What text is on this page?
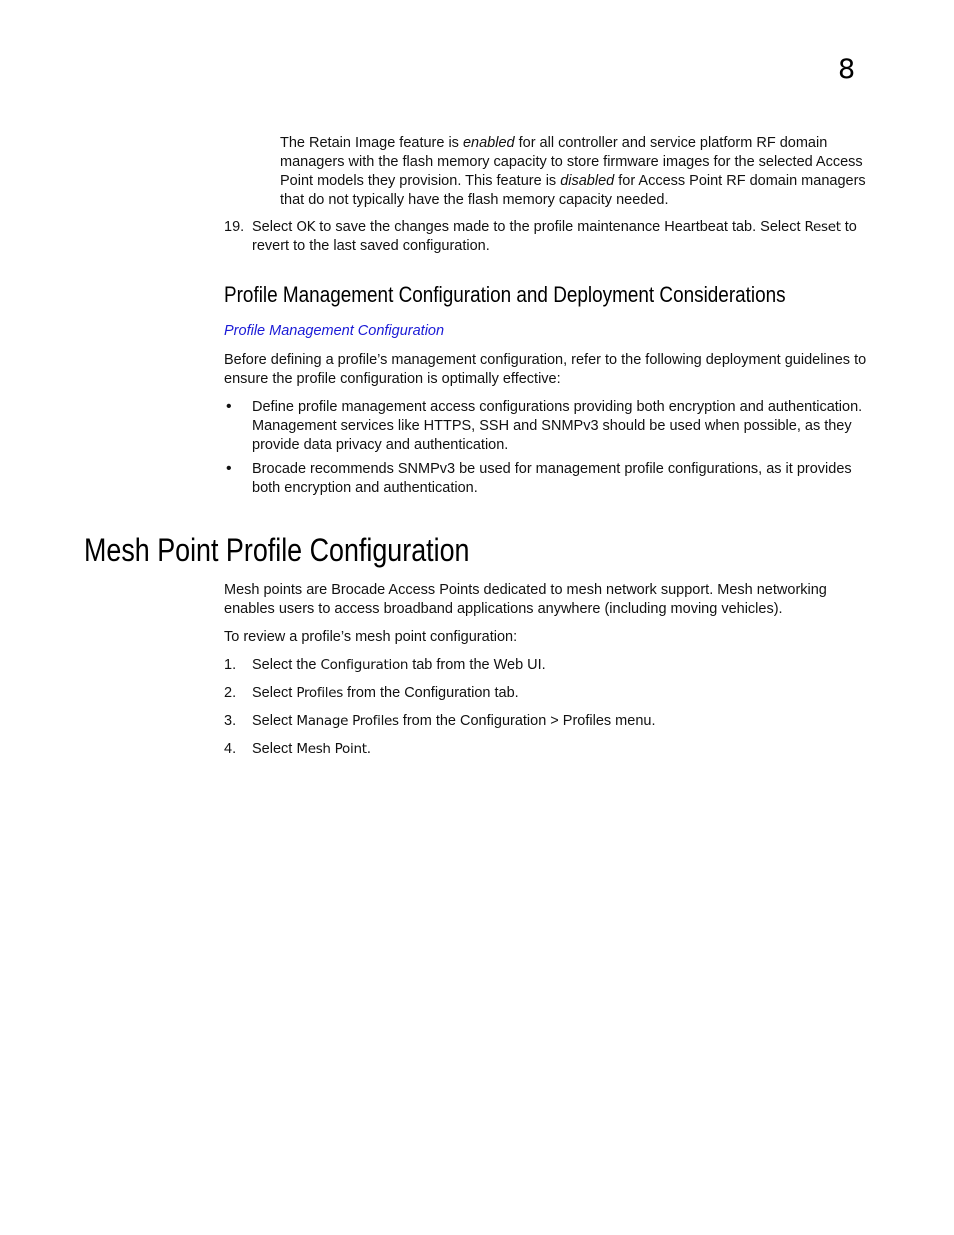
8

The Retain Image feature is enabled for all controller and service platform RF domain managers with the flash memory capacity to store firmware images for the selected Access Point models they provision. This feature is disabled for Access Point RF domain managers that do not typically have the flash memory capacity needed.

19. Select OK to save the changes made to the profile maintenance Heartbeat tab. Select Reset to revert to the last saved configuration.
Profile Management Configuration and Deployment Considerations
Profile Management Configuration

Before defining a profile’s management configuration, refer to the following deployment guidelines to ensure the profile configuration is optimally effective:

• Define profile management access configurations providing both encryption and authentication. Management services like HTTPS, SSH and SNMPv3 should be used when possible, as they provide data privacy and authentication.
• Brocade recommends SNMPv3 be used for management profile configurations, as it provides both encryption and authentication.
Mesh Point Profile Configuration

Mesh points are Brocade Access Points dedicated to mesh network support. Mesh networking enables users to access broadband applications anywhere (including moving vehicles).

To review a profile’s mesh point configuration:

1. Select the Configuration tab from the Web UI.
2. Select Profiles from the Configuration tab.
3. Select Manage Profiles from the Configuration > Profiles menu.
4. Select Mesh Point.
